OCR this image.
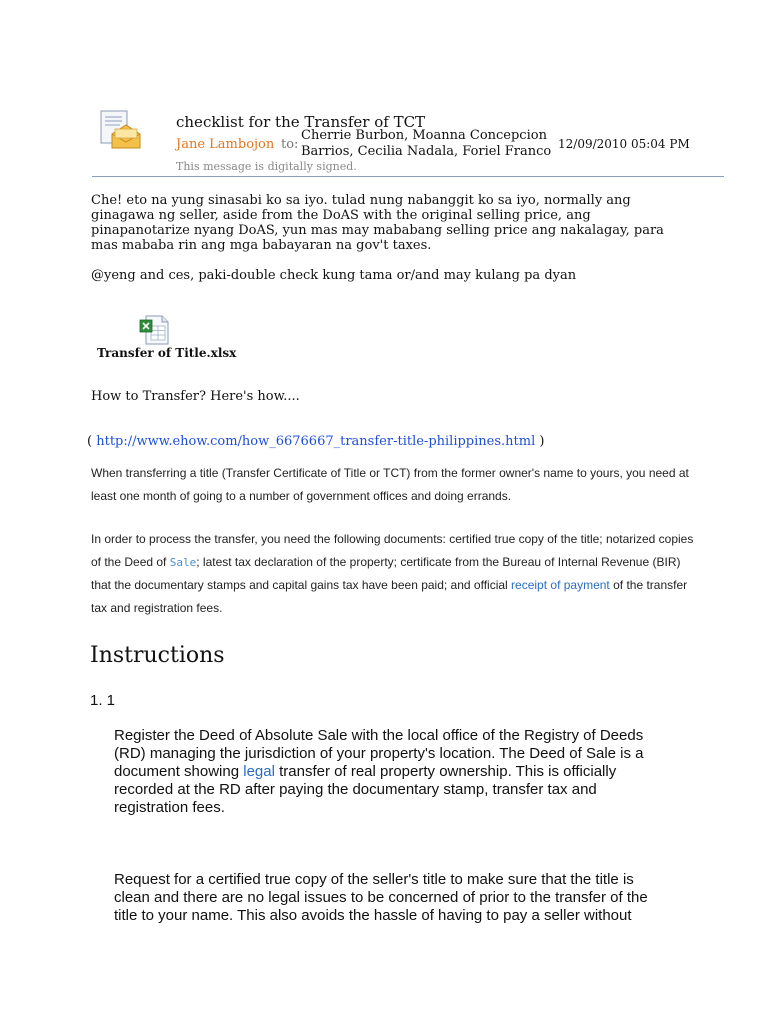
checklist for the Transfer of TCT
Jane Lambojon to:
Cherrie Burbon, Moanna Concepcion
Barrios, Cecilia Nadala, Foriel Franco 12/09/2010 05:04 PM
This message is digitally signed.
Che! eto na yung sinasabi ko sa iyo. tulad nung nabanggit ko sa iyo, normally ang ginagawa ng seller, aside from the DoAS with the original selling price, ang pinapanotarize nyang DoAS, yun mas may mababang selling price ang nakalagay, para mas mababa rin ang mga babayaran na gov't taxes.
@yeng and ces, paki-double check kung tama or/and may kulang pa dyan
Transfer of Title.xlsx
How to Transfer? Here's how....
( http://www.ehow.com/how_6676667_transfer-title-philippines.html )
When transferring a title (Transfer Certificate of Title or TCT) from the former owner's name to yours, you need at least one month of going to a number of government offices and doing errands.
In order to process the transfer, you need the following documents: certified true copy of the title; notarized copies of the Deed of Sale; latest tax declaration of the property; certificate from the Bureau of Internal Revenue (BIR) that the documentary stamps and capital gains tax have been paid; and official receipt of payment of the transfer tax and registration fees.
Instructions
1. 1
Register the Deed of Absolute Sale with the local office of the Registry of Deeds (RD) managing the jurisdiction of your property's location. The Deed of Sale is a document showing legal transfer of real property ownership. This is officially recorded at the RD after paying the documentary stamp, transfer tax and registration fees.
Request for a certified true copy of the seller's title to make sure that the title is clean and there are no legal issues to be concerned of prior to the transfer of the title to your name. This also avoids the hassle of having to pay a seller without
